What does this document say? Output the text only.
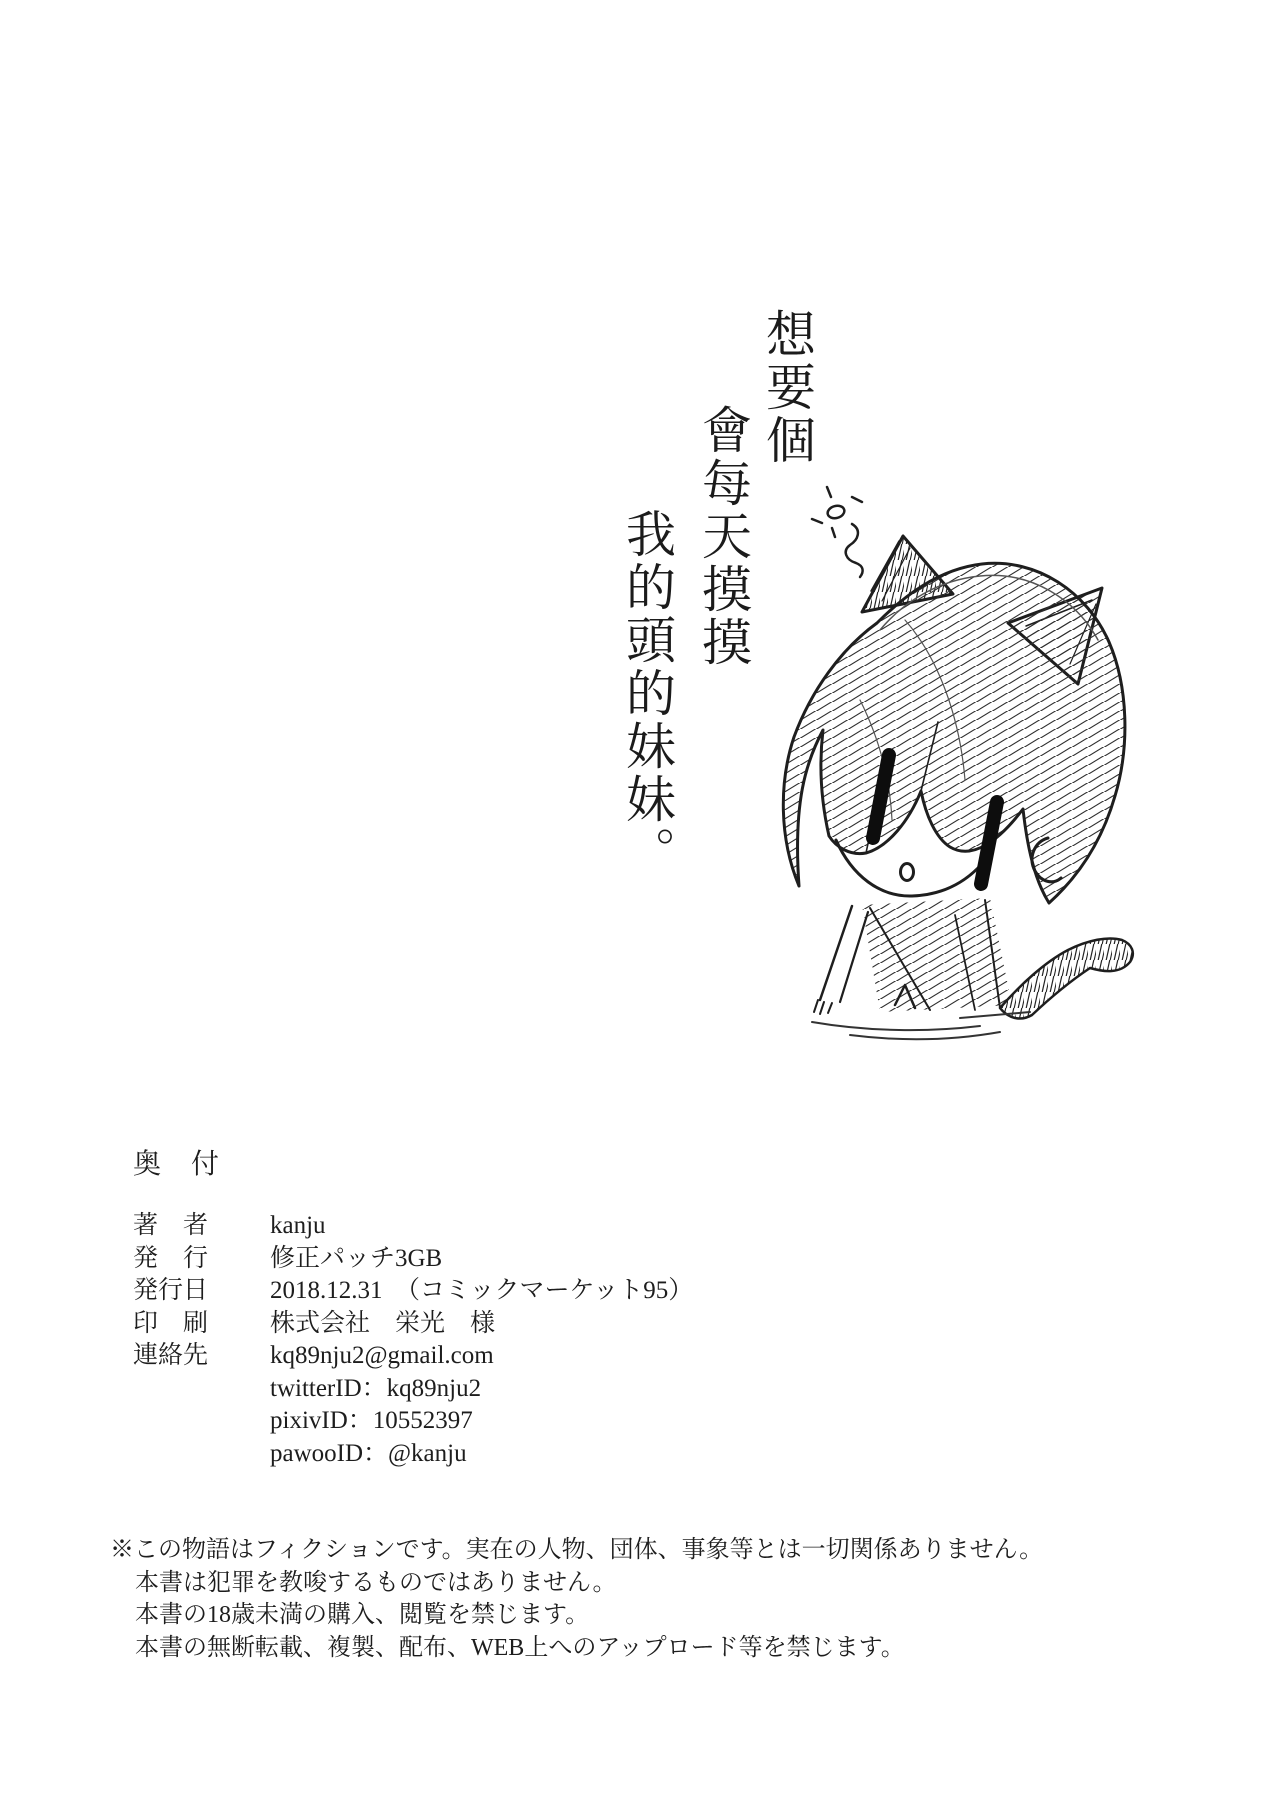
想要個
會每天摸摸
我的頭的妹妹。
奥　付
著　者	kanju
発　行	修正パッチ3GB
発行日	2018.12.31　（コミックマーケット95）
印　刷	株式会社　栄光　様
連絡先	kq89nju2@gmail.com
twitterID：kq89nju2
pixivID：10552397
pawooID：@kanju
※この物語はフィクションです。実在の人物、団体、事象等とは一切関係ありません。
本書は犯罪を教唆するものではありません。
本書の18歳未満の購入、閲覧を禁じます。
本書の無断転載、複製、配布、WEB上へのアップロード等を禁じます。
